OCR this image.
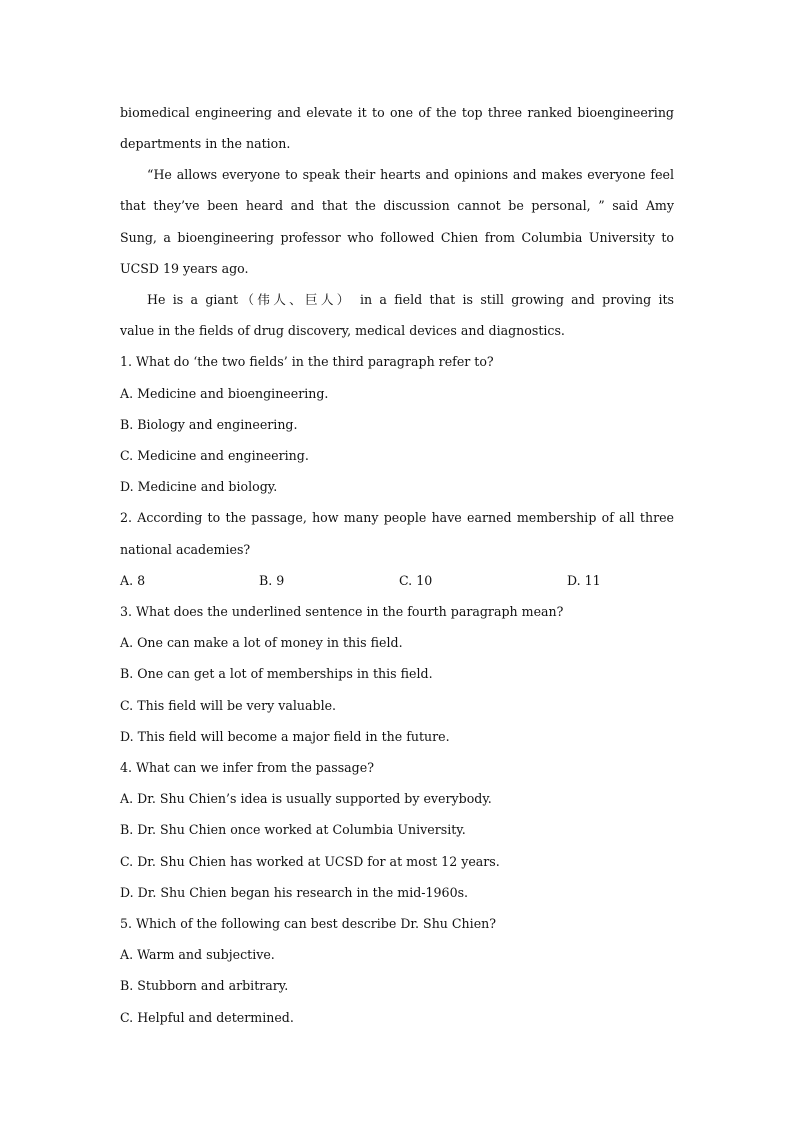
biomedical engineering and elevate it to one of the top three ranked bioengineering
departments in the nation.
“He allows everyone to speak their hearts and opinions and makes everyone feel
that they’ve been heard and that the discussion cannot be personal, ” said Amy
Sung, a bioengineering professor who followed Chien from Columbia University to
UCSD 19 years ago.
He is a giant（伟人、巨人） in a field that is still growing and proving its
value in the fields of drug discovery, medical devices and diagnostics.
1. What do ‘the two fields’ in the third paragraph refer to?
A. Medicine and bioengineering.
B. Biology and engineering.
C. Medicine and engineering.
D. Medicine and biology.
2. According to the passage, how many people have earned membership of all three
national academies?
A. 8	B. 9	C. 10	D. 11
3. What does the underlined sentence in the fourth paragraph mean?
A. One can make a lot of money in this field.
B. One can get a lot of memberships in this field.
C. This field will be very valuable.
D. This field will become a major field in the future.
4. What can we infer from the passage?
A. Dr. Shu Chien’s idea is usually supported by everybody.
B. Dr. Shu Chien once worked at Columbia University.
C. Dr. Shu Chien has worked at UCSD for at most 12 years.
D. Dr. Shu Chien began his research in the mid-1960s.
5. Which of the following can best describe Dr. Shu Chien?
A. Warm and subjective.
B. Stubborn and arbitrary.
C. Helpful and determined.
